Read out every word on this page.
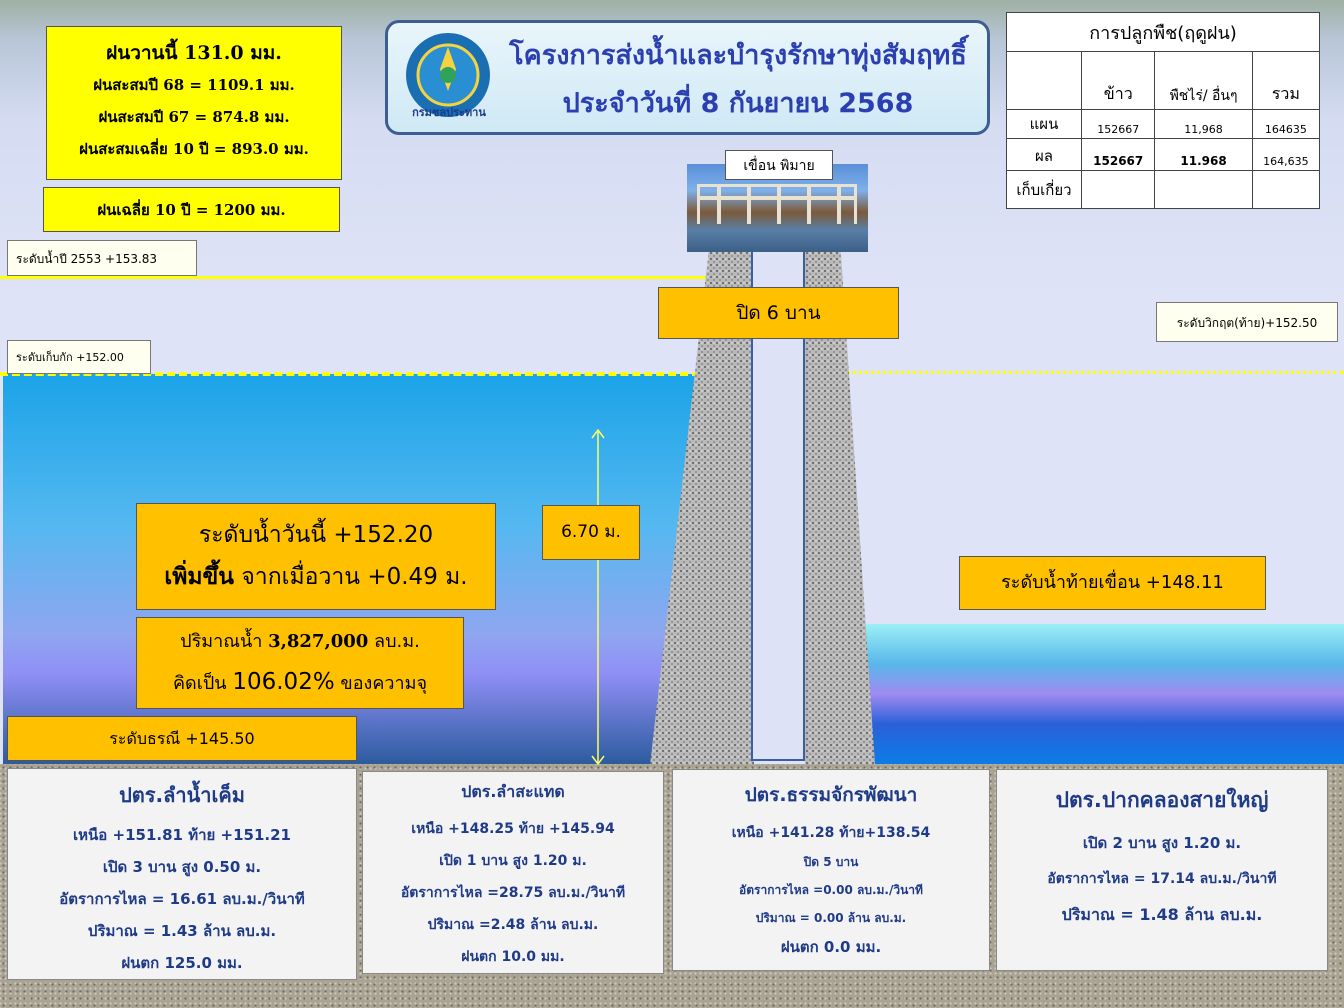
เขื่อน พิมาย
กรมชลประทาน
โครงการส่งน้ำและบำรุงรักษาทุ่งสัมฤทธิ์
ประจำวันที่ 8 กันยายน 2568
ฝนวานนี้ 131.0 มม.
ฝนสะสมปี 68 = 1109.1 มม.
ฝนสะสมปี 67 = 874.8 มม.
ฝนสะสมเฉลี่ย 10 ปี = 893.0 มม.
ฝนเฉลี่ย 10 ปี = 1200 มม.
ระดับน้ำปี 2553 +153.83
ระดับเก็บกัก +152.00
ระดับวิกฤต(ท้าย)+152.50
ปิด 6 บาน
6.70 ม.
ระดับน้ำวันนี้ +152.20
เพิ่มขึ้น จากเมื่อวาน +0.49 ม.
ปริมาณน้ำ 3,827,000 ลบ.ม.
คิดเป็น 106.02% ของความจุ
ระดับธรณี +145.50
ระดับน้ำท้ายเขื่อน +148.11
การปลูกพืช(ฤดูฝน)			
	ข้าว	พืชไร่/ อื่นๆ	รวม
แผน	152667	11,968	164635
ผล	152667	11.968	164,635
เก็บเกี่ยว			
ปตร.ลำน้ำเค็ม
เหนือ +151.81 ท้าย +151.21
เปิด 3 บาน สูง 0.50 ม.
อัตราการไหล = 16.61 ลบ.ม./วินาที
ปริมาณ = 1.43 ล้าน ลบ.ม.
ฝนตก 125.0 มม.
ปตร.ลำสะแทด
เหนือ +148.25 ท้าย +145.94
เปิด 1 บาน สูง 1.20 ม.
อัตราการไหล =28.75 ลบ.ม./วินาที
ปริมาณ =2.48 ล้าน ลบ.ม.
ฝนตก 10.0 มม.
ปตร.ธรรมจักรพัฒนา
เหนือ +141.28 ท้าย+138.54
ปิด 5 บาน
อัตราการไหล =0.00 ลบ.ม./วินาที
ปริมาณ = 0.00 ล้าน ลบ.ม.
ฝนตก 0.0 มม.
ปตร.ปากคลองสายใหญ่
เปิด 2 บาน สูง 1.20 ม.
อัตราการไหล = 17.14 ลบ.ม./วินาที
ปริมาณ = 1.48 ล้าน ลบ.ม.
